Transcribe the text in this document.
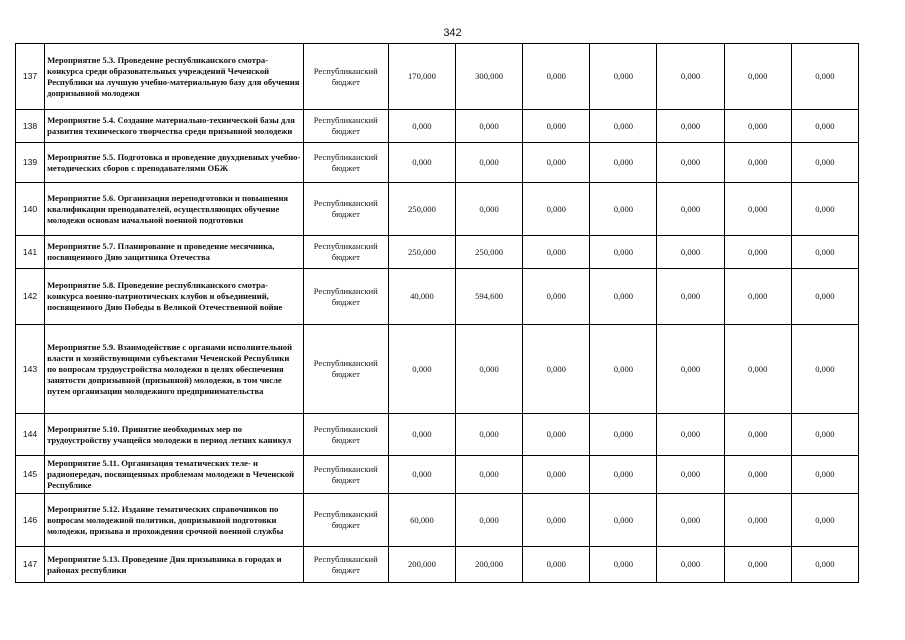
342
137	Мероприятие 5.3. Проведение республиканского смотра-конкурса среди образовательных учреждений Чеченской Республики на лучшую учебно-материальную базу для обучения допризывной молодежи	Республиканский бюджет	170,000	300,000	0,000	0,000	0,000	0,000	0,000
138	Мероприятие 5.4. Создание материально-технической базы для развития технического творчества среди призывной молодежи	Республиканский бюджет	0,000	0,000	0,000	0,000	0,000	0,000	0,000
139	Мероприятие 5.5. Подготовка и проведение двухдневных учебно-методических сборов с преподавателями ОБЖ	Республиканский бюджет	0,000	0,000	0,000	0,000	0,000	0,000	0,000
140	Мероприятие 5.6. Организация переподготовки и повышения квалификации преподавателей, осуществляющих обучение молодежи основам начальной военной подготовки	Республиканский бюджет	250,000	0,000	0,000	0,000	0,000	0,000	0,000
141	Мероприятие 5.7. Планирование и проведение месячника, посвященного Дню защитника Отечества	Республиканский бюджет	250,000	250,000	0,000	0,000	0,000	0,000	0,000
142	Мероприятие 5.8. Проведение республиканского смотра-конкурса военно-патриотических клубов и объединений, посвященного Дню Победы в Великой Отечественной войне	Республиканский бюджет	40,000	594,600	0,000	0,000	0,000	0,000	0,000
143	Мероприятие 5.9. Взаимодействие с органами исполнительной власти и хозяйствующими субъектами Чеченской Республики по вопросам трудоустройства молодежи в целях обеспечения занятости допризывной (призывной) молодежи, в том числе путем организации молодежного предпринимательства	Республиканский бюджет	0,000	0,000	0,000	0,000	0,000	0,000	0,000
144	Мероприятие 5.10. Принятие необходимых мер по трудоустройству учащейся молодежи в период летних каникул	Республиканский бюджет	0,000	0,000	0,000	0,000	0,000	0,000	0,000
145	Мероприятие 5.11. Организация тематических теле- и радиопередач, посвященных проблемам молодежи в Чеченской Республике	Республиканский бюджет	0,000	0,000	0,000	0,000	0,000	0,000	0,000
146	Мероприятие 5.12. Издание тематических справочников по вопросам молодежной политики, допризывной подготовки молодежи, призыва и прохождения срочной военной службы	Республиканский бюджет	60,000	0,000	0,000	0,000	0,000	0,000	0,000
147	Мероприятие 5.13. Проведение Дня призывника в городах и районах республики	Республиканский бюджет	200,000	200,000	0,000	0,000	0,000	0,000	0,000
